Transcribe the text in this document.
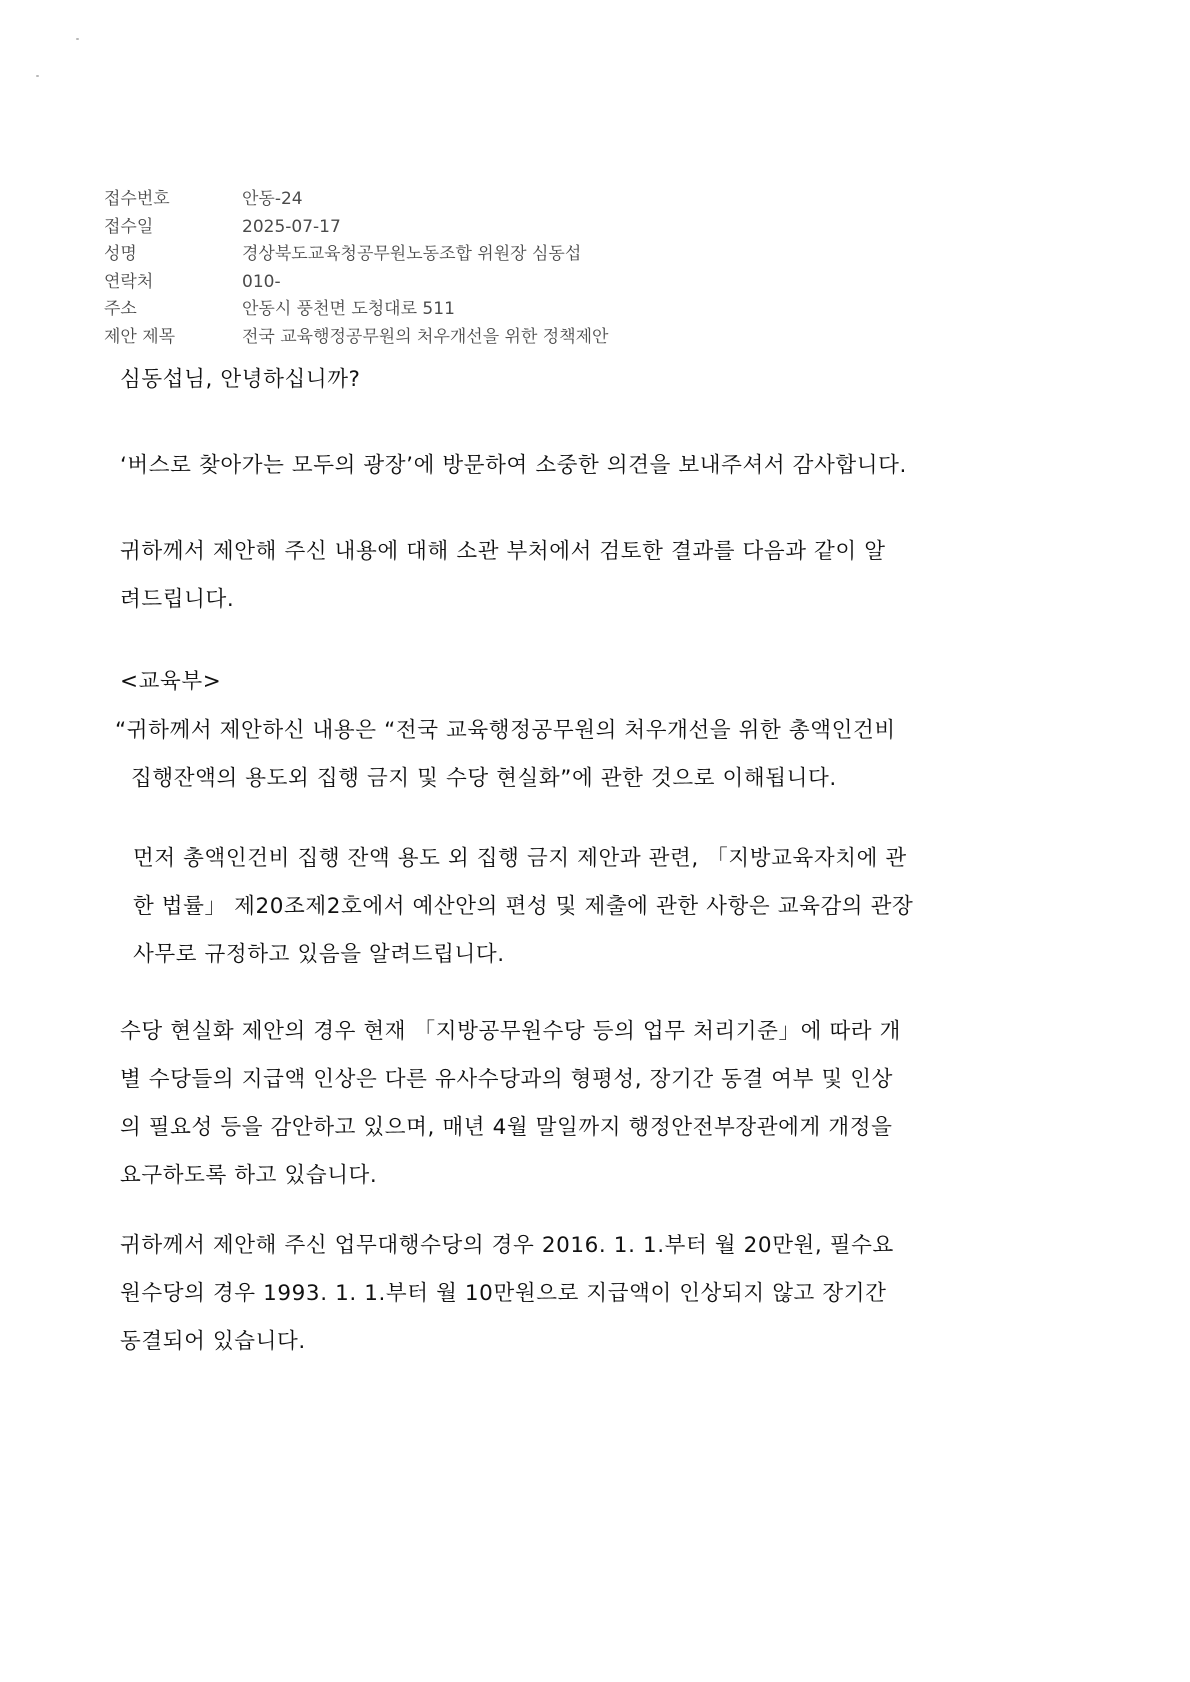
접수번호	안동-24
접수일	2025-07-17
성명	경상북도교육청공무원노동조합 위원장 심동섭
연락처	010-
주소	안동시 풍천면 도청대로 511
제안 제목	전국 교육행정공무원의 처우개선을 위한 정책제안
심동섭님, 안녕하십니까?
‘버스로 찾아가는 모두의 광장’에 방문하여 소중한 의견을 보내주셔서 감사합니다.
귀하께서 제안해 주신 내용에 대해 소관 부처에서 검토한 결과를 다음과 같이 알
려드립니다.
<교육부>
“귀하께서 제안하신 내용은 “전국 교육행정공무원의 처우개선을 위한 총액인건비
집행잔액의 용도외 집행 금지 및 수당 현실화”에 관한 것으로 이해됩니다.
먼저 총액인건비 집행 잔액 용도 외 집행 금지 제안과 관련, 「지방교육자치에 관
한 법률」 제20조제2호에서 예산안의 편성 및 제출에 관한 사항은 교육감의 관장
사무로 규정하고 있음을 알려드립니다.
수당 현실화 제안의 경우 현재 「지방공무원수당 등의 업무 처리기준」에 따라 개
별 수당들의 지급액 인상은 다른 유사수당과의 형평성, 장기간 동결 여부 및 인상
의 필요성 등을 감안하고 있으며, 매년 4월 말일까지 행정안전부장관에게 개정을
요구하도록 하고 있습니다.
귀하께서 제안해 주신 업무대행수당의 경우 2016. 1. 1.부터 월 20만원, 필수요
원수당의 경우 1993. 1. 1.부터 월 10만원으로 지급액이 인상되지 않고 장기간
동결되어 있습니다.
